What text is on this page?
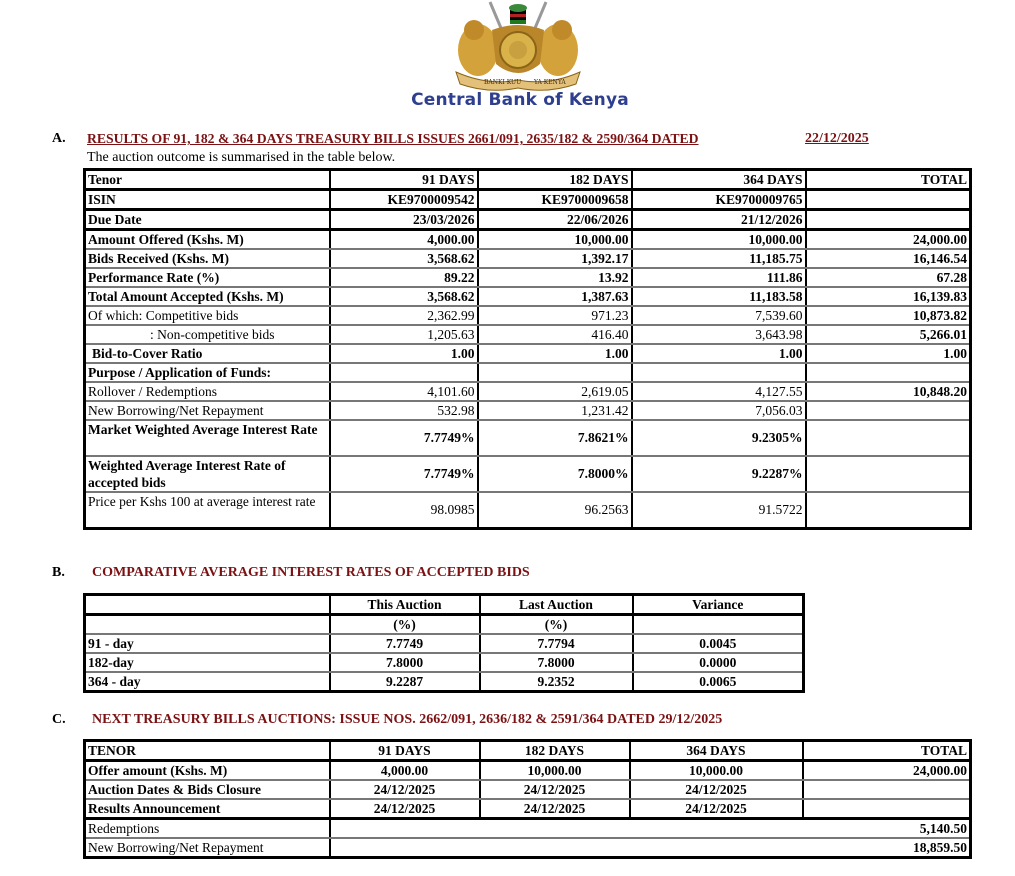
BANKI KUU YA KENYA
Central Bank of Kenya
A. RESULTS OF 91, 182 & 364 DAYS TREASURY BILLS ISSUES 2661/091, 2635/182 & 2590/364 DATED	22/12/2025
The auction outcome is summarised in the table below.
Tenor	91 DAYS	182 DAYS	364 DAYS	TOTAL
ISIN	KE9700009542	KE9700009658	KE9700009765	
Due Date	23/03/2026	22/06/2026	21/12/2026	
Amount Offered (Kshs. M)	4,000.00	10,000.00	10,000.00	24,000.00
Bids Received (Kshs. M)	3,568.62	1,392.17	11,185.75	16,146.54
Performance Rate (%)	89.22	13.92	111.86	67.28
Total Amount Accepted (Kshs. M)	3,568.62	1,387.63	11,183.58	16,139.83
Of which: Competitive bids	2,362.99	971.23	7,539.60	10,873.82
: Non-competitive bids	1,205.63	416.40	3,643.98	5,266.01
Bid-to-Cover Ratio	1.00	1.00	1.00	1.00
Purpose / Application of Funds:				
Rollover / Redemptions	4,101.60	2,619.05	4,127.55	10,848.20
New Borrowing/Net Repayment	532.98	1,231.42	7,056.03	
Market Weighted Average Interest Rate	7.7749%	7.8621%	9.2305%	
Weighted Average Interest Rate of accepted bids	7.7749%	7.8000%	9.2287%	
Price per Kshs 100 at average interest rate	98.0985	96.2563	91.5722	
B. COMPARATIVE AVERAGE INTEREST RATES OF ACCEPTED BIDS
	This Auction	Last Auction	Variance
	(%)	(%)	
91 - day	7.7749	7.7794	0.0045
182-day	7.8000	7.8000	0.0000
364 - day	9.2287	9.2352	0.0065
C. NEXT TREASURY BILLS AUCTIONS: ISSUE NOS. 2662/091, 2636/182 & 2591/364 DATED 29/12/2025
TENOR	91 DAYS	182 DAYS	364 DAYS	TOTAL
Offer amount (Kshs. M)	4,000.00	10,000.00	10,000.00	24,000.00
Auction Dates & Bids Closure	24/12/2025	24/12/2025	24/12/2025	
Results Announcement	24/12/2025	24/12/2025	24/12/2025	
Redemptions	5,140.50			
New Borrowing/Net Repayment	18,859.50			
